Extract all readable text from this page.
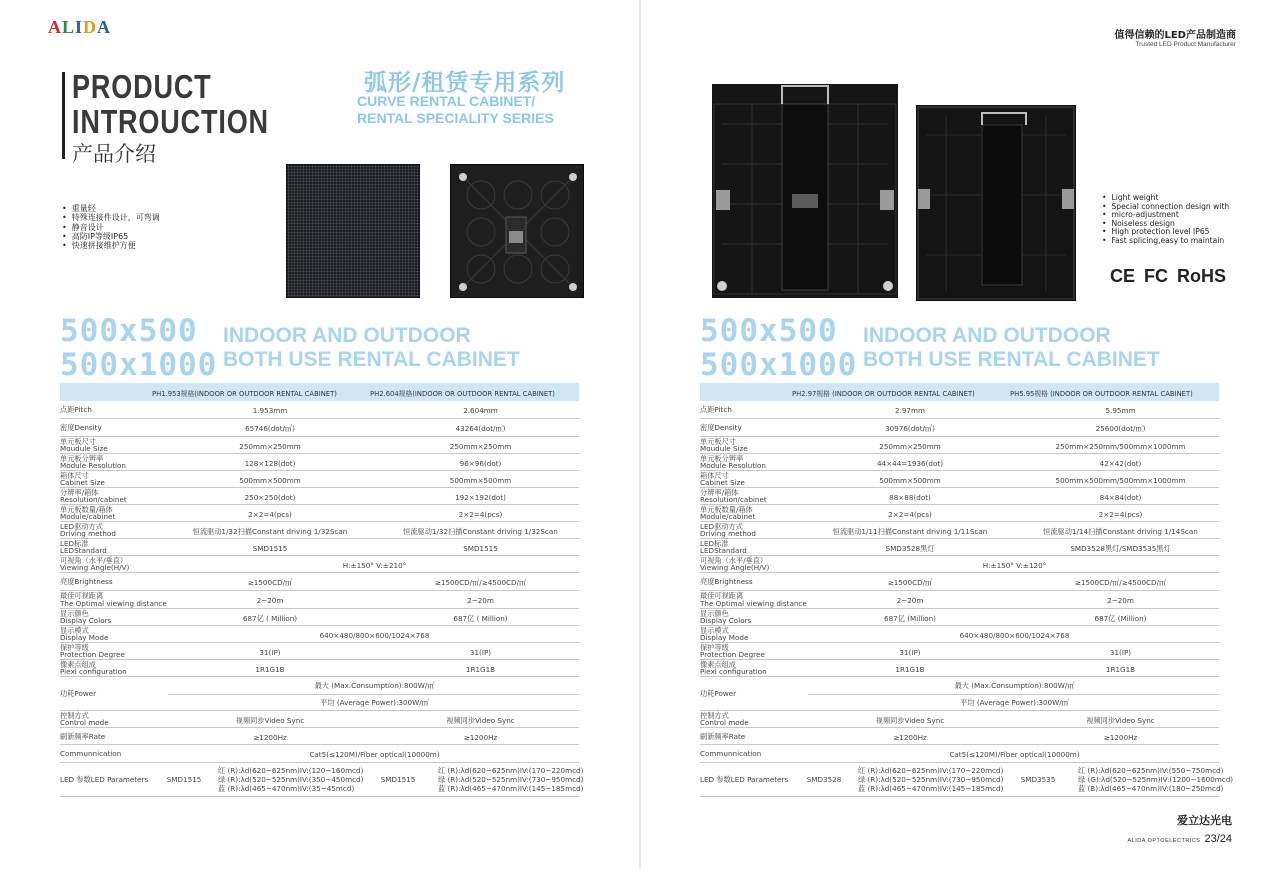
ALIDA
PRODUCT
INTROUCTION
产品介绍
弧形/租赁专用系列
CURVE RENTAL CABINET/
RENTAL SPECIALITY SERIES
• 重量轻
• 特殊连接件设计，可弯调
• 静音设计
• 高防IP等级IP65
• 快速拼接维护方便
500x500
500x1000
INDOOR AND OUTDOOR
BOTH USE RENTAL CABINET
PH1.953规格(INDOOR OR OUTDOOR RENTAL CABINET)	PH2.604规格(INDOOR OR OUTDOOR RENTAL CABINET)
点距Pitch	1.953mm	2.604mm
密度Density	65746(dot/㎡)	43264(dot/㎡)
单元板尺寸
Moudule Size	250mm×250mm	250mm×250mm
单元板分辨率
Module Resolution	128×128(dot)	96×96(dot)
箱体尺寸
Cabinet Size	500mm×500mm	500mm×500mm
分辨率/箱体
Resolution/cabinet	250×250(dot)	192×192(dot)
单元板数量/箱体
Module/cabinet	2×2=4(pcs)	2×2=4(pcs)
LED驱动方式
Driving method	恒流驱动1/32扫描Constant driving 1/32Scan	恒流驱动1/32扫描Constant driving 1/32Scan
LED标准
LEDStandard	SMD1515	SMD1515
可视角（水平/垂直）
Viewing Angle(H/V)	H:±150° V:±210°
亮度Brightness	≥1500CD/㎡	≥1500CD/㎡/≥4500CD/㎡
最佳可视距离
The Optimal viewing distance	2~20m	2~20m
显示颜色
Display Colors	687亿 ( Million)	687亿 ( Million)
显示模式
Display Mode	640×480/800×600/1024×768
保护等级
Protection Degree	31(IP)	31(IP)
像素点组成
Piexl configuration	1R1G1B	1R1G1B
功耗Power
最大 (Max.Consumption):800W/㎡
平均 (Average Power):300W/㎡
控制方式
Control mode	视频同步Video Sync	视频同步Video Sync
刷新频率Rate	≥1200Hz	≥1200Hz
Communnication	Cat5(≤120M)/Fiber optical(10000m)
LED 参数LED Parameters	SMD1515	SMD1515
红 (R):λd(620~625nm)IV:(120~160mcd)	红 (R):λd(620~625nm)IV:(170~220mcd)
绿 (R):λd(520~525nm)IV:(350~450mcd)	绿 (R):λd(520~525nm)IV:(730~950mcd)
蓝 (R):λd(465~470nm)IV:(35~45mcd)	蓝 (R):λd(465~470nm)IV:(145~185mcd)
值得信赖的LED产品制造商
Trusted LED Product Manufacturer
• Light weight
• Special connection design with
• micro-adjustment
• Noiseless design
• High protection level IP65
• Fast splicing,easy to maintain
CE FC RoHS
500x500
500x1000
INDOOR AND OUTDOOR
BOTH USE RENTAL CABINET
PH2.97规格 (INDOOR OR OUTDOOR RENTAL CABINET)	PH5.95规格 (INDOOR OR OUTDOOR RENTAL CABINET)
点距Pitch	2.97mm	5.95mm
密度Density	30976(dot/㎡)	25600(dot/㎡)
单元板尺寸
Moudule Size	250mm×250mm	250mm×250mm/500mm×1000mm
单元板分辨率
Module Resolution	44×44=1936(dot)	42×42(dot)
箱体尺寸
Cabinet Size	500mm×500mm	500mm×500mm/500mm×1000mm
分辨率/箱体
Resolution/cabinet	88×88(dot)	84×84(dot)
单元板数量/箱体
Module/cabinet	2×2=4(pcs)	2×2=4(pcs)
LED驱动方式
Driving method	恒流驱动1/11扫描Constant driving 1/11Scan	恒流驱动1/14扫描Constant driving 1/14Scan
LED标准
LEDStandard	SMD3528黑灯	SMD3528黑灯/SMD3535黑灯
可视角（水平/垂直）
Viewing Angle(H/V)	H:±150° V:±120°
亮度Brightness	≥1500CD/㎡	≥1500CD/㎡/≥4500CD/㎡
最佳可视距离
The Optimal viewing distance	2~20m	2~20m
显示颜色
Display Colors	687亿 (Million)	687亿 (Million)
显示模式
Display Mode	640×480/800×600/1024×768
保护等级
Protection Degree	31(IP)	31(IP)
像素点组成
Piexl configuration	1R1G1B	1R1G1B
功耗Power
最大 (Max.Consumption):800W/㎡
平均 (Average Power):300W/㎡
控制方式
Control mode	视频同步Video Sync	视频同步Video Sync
刷新频率Rate	≥1200Hz	≥1200Hz
Communnication	Cat5(≤120M)/Fiber optical(10000m)
LED 参数LED Parameters	SMD3528	SMD3535
红 (R):λd(620~625nm)IV:(170~220mcd)	红 (R):λd(620~625nm)IV:(550~750mcd)
绿 (R):λd(520~525nm)IV:(730~950mcd)	绿 (G):λd(520~525nm)IV:(1200~1600mcd)
蓝 (R):λd(465~470nm)IV:(145~185mcd)	蓝 (B):λd(465~470nm)IV:(180~250mcd)
爱立达光电
ALIDA OPTOELECTRICS 23/24
